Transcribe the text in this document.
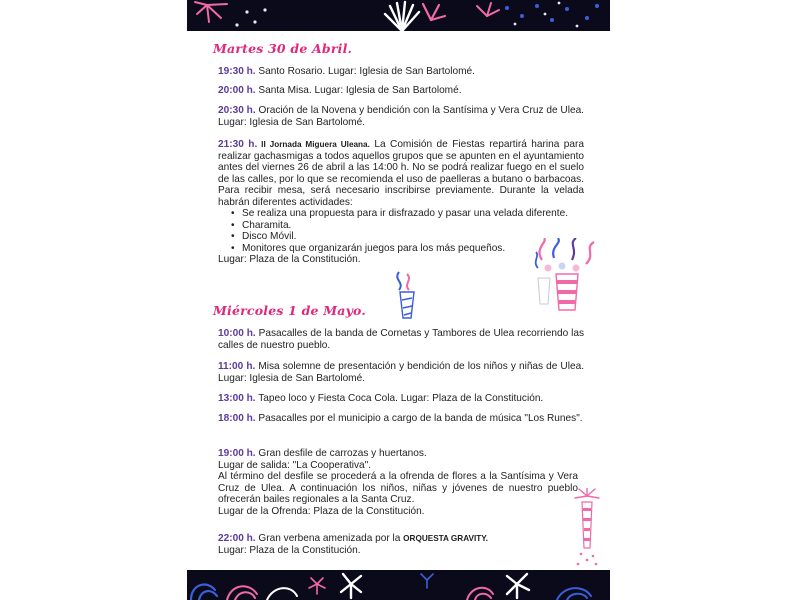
Martes 30 de Abril.

19:30 h. Santo Rosario. Lugar: Iglesia de San Bartolomé.

20:00 h. Santa Misa. Lugar: Iglesia de San Bartolomé.

20:30 h. Oración de la Novena y bendición con la Santísima y Vera Cruz de Ulea. Lugar: Iglesia de San Bartolomé.

21:30 h. II Jornada Miguera Uleana. La Comisión de Fiestas repartirá harina para realizar gachasmigas a todos aquellos grupos que se apunten en el ayuntamiento antes del viernes 26 de abril a las 14:00 h. No se podrá realizar fuego en el suelo de las calles, por lo que se recomienda el uso de paelleras a butano o barbacoas. Para recibir mesa, será necesario inscribirse previamente. Durante la velada habrán diferentes actividades:

• Se realiza una propuesta para ir disfrazado y pasar una velada diferente.
• Charamita.
• Disco Móvil.
• Monitores que organizarán juegos para los más pequeños.

Lugar: Plaza de la Constitución.

Miércoles 1 de Mayo.

10:00 h. Pasacalles de la banda de Cornetas y Tambores de Ulea recorriendo las calles de nuestro pueblo.

11:00 h. Misa solemne de presentación y bendición de los niños y niñas de Ulea. Lugar: Iglesia de San Bartolomé.

13:00 h. Tapeo loco y Fiesta Coca Cola. Lugar: Plaza de la Constitución.

18:00 h. Pasacalles por el municipio a cargo de la banda de música "Los Runes".

19:00 h. Gran desfile de carrozas y huertanos.

Lugar de salida: "La Cooperativa".

Al término del desfile se procederá a la ofrenda de flores a la Santísima y Vera Cruz de Ulea. A continuación los niños, niñas y jóvenes de nuestro pueblo ofrecerán bailes regionales a la Santa Cruz.

Lugar de la Ofrenda: Plaza de la Constitución.

22:00 h. Gran verbena amenizada por la ORQUESTA GRAVITY.

Lugar: Plaza de la Constitución.
